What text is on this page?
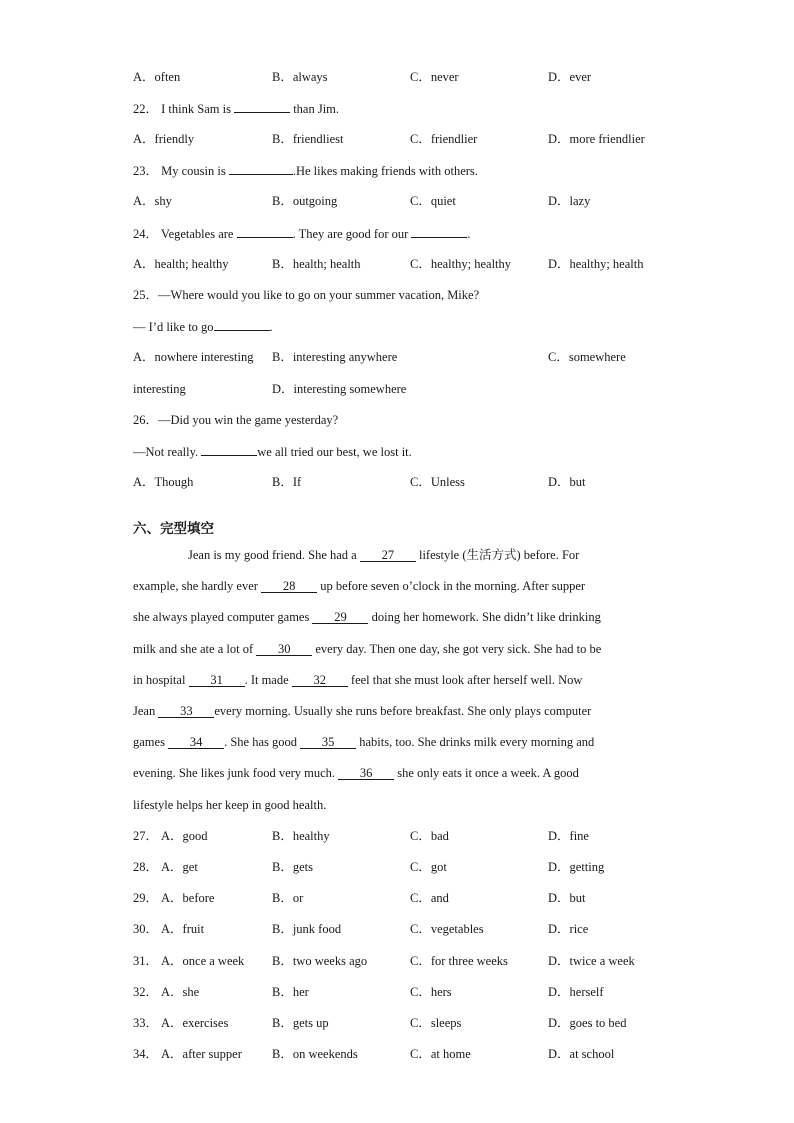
A．often	B．always	C．never	D．ever
22． I think Sam is	than Jim.
A．friendly	B．friendliest	C．friendlier	D．more friendlier
23． My cousin is	.He likes making friends with others.
A．shy	B．outgoing	C．quiet	D．lazy
24． Vegetables are	. They are good for our	.
A．health; healthy	B．health; health	C．healthy; healthy	D．healthy; health
25．—Where would you like to go on your summer vacation, Mike?
— I’d like to go	.
A．nowhere interesting B．interesting anywhere	C．somewhere
interesting	D．interesting somewhere
26．—Did you win the game yesterday?
—Not really.	we all tried our best, we lost it.
A．Though	B．If	C．Unless	D．but
六、完型填空
Jean is my good friend. She had a 27 lifestyle (生活方式) before. For
example, she hardly ever 28 up before seven o’clock in the morning. After supper
she always played computer games 29 doing her homework. She didn’t like drinking
milk and she ate a lot of 30 every day. Then one day, she got very sick. She had to be
in hospital 31 . It made 32 feel that she must look after herself well. Now
Jean 33 every morning. Usually she runs before breakfast. She only plays computer
games 34 . She has good 35 habits, too. She drinks milk every morning and
evening. She likes junk food very much. 36 she only eats it once a week. A good
lifestyle helps her keep in good health.
27． A．good	B．healthy	C．bad	D．fine
28． A．get	B．gets	C．got	D．getting
29． A．before	B．or	C．and	D．but
30． A．fruit	B．junk food	C．vegetables	D．rice
31． A．once a week B．two weeks ago	C．for three weeks	D．twice a week
32． A．she	B．her	C．hers	D．herself
33． A．exercises	B．gets up	C．sleeps	D．goes to bed
34． A．after supper B．on weekends	C．at home	D．at school
